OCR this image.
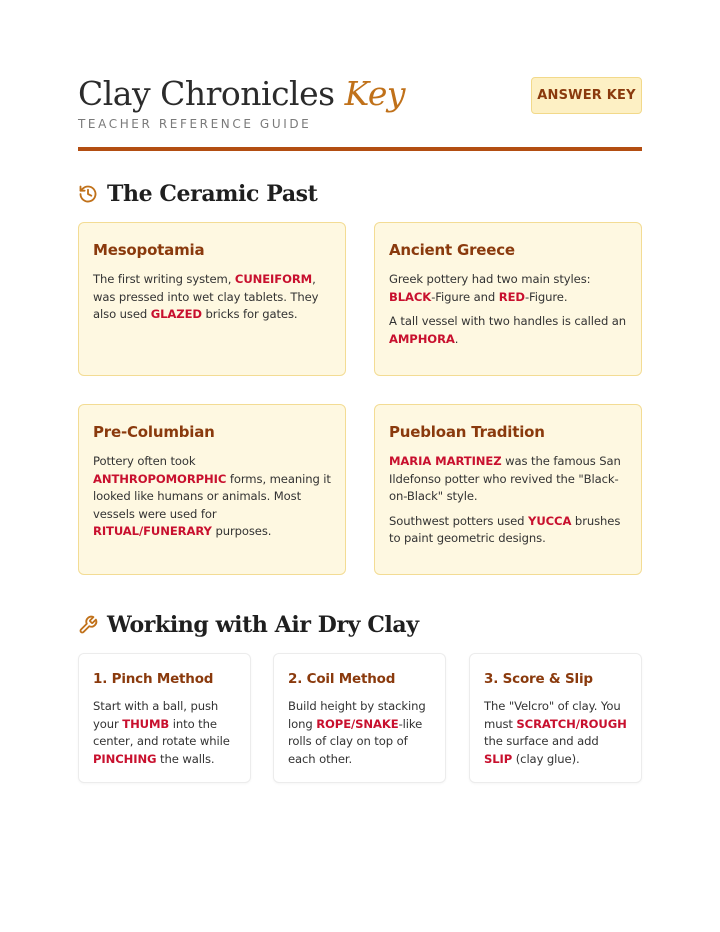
Clay Chronicles Key
TEACHER REFERENCE GUIDE
ANSWER KEY
The Ceramic Past
Mesopotamia

The first writing system, CUNEIFORM, was pressed into wet clay tablets. They also used GLAZED bricks for gates.

Ancient Greece

Greek pottery had two main styles: BLACK-Figure and RED-Figure.

A tall vessel with two handles is called an AMPHORA.

Pre-Columbian

Pottery often took ANTHROPOMORPHIC forms, meaning it looked like humans or animals. Most vessels were used for RITUAL/FUNERARY purposes.

Puebloan Tradition

MARIA MARTINEZ was the famous San Ildefonso potter who revived the "Black-on-Black" style.

Southwest potters used YUCCA brushes to paint geometric designs.

Working with Air Dry Clay
1. Pinch Method

Start with a ball, push your THUMB into the center, and rotate while PINCHING the walls.

2. Coil Method

Build height by stacking long ROPE/SNAKE-like rolls of clay on top of each other.

3. Score & Slip

The "Velcro" of clay. You must SCRATCH/ROUGH the surface and add SLIP (clay glue).
